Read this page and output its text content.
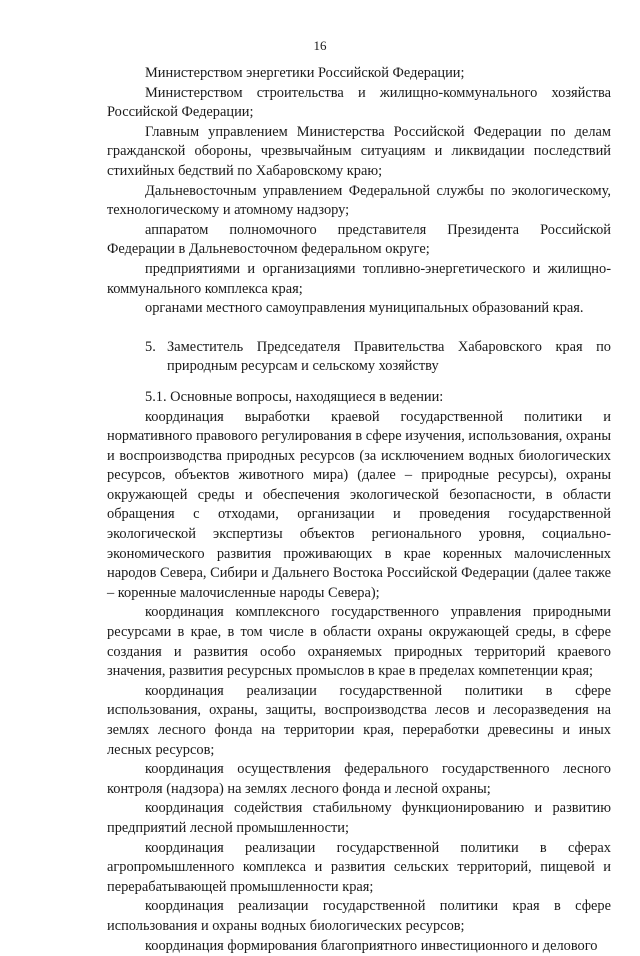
16

Министерством энергетики Российской Федерации;

Министерством строительства и жилищно-коммунального хозяйства Российской Федерации;

Главным управлением Министерства Российской Федерации по делам гражданской обороны, чрезвычайным ситуациям и ликвидации последствий стихийных бедствий по Хабаровскому краю;

Дальневосточным управлением Федеральной службы по экологическому, технологическому и атомному надзору;

аппаратом полномочного представителя Президента Российской Федерации в Дальневосточном федеральном округе;

предприятиями и организациями топливно-энергетического и жилищно-коммунального комплекса края;

органами местного самоуправления муниципальных образований края.

5. Заместитель Председателя Правительства Хабаровского края по
природным ресурсам и сельскому хозяйству

5.1. Основные вопросы, находящиеся в ведении:

координация выработки краевой государственной политики и нормативного правового регулирования в сфере изучения, использования, охраны и воспроизводства природных ресурсов (за исключением водных биологических ресурсов, объектов животного мира) (далее – природные ресурсы), охраны окружающей среды и обеспечения экологической безопасности, в области обращения с отходами, организации и проведения государственной экологической экспертизы объектов регионального уровня, социально-экономического развития проживающих в крае коренных малочисленных народов Севера, Сибири и Дальнего Востока Российской Федерации (далее также – коренные малочисленные народы Севера);

координация комплексного государственного управления природными ресурсами в крае, в том числе в области охраны окружающей среды, в сфере создания и развития особо охраняемых природных территорий краевого значения, развития ресурсных промыслов в крае в пределах компетенции края;

координация реализации государственной политики в сфере использования, охраны, защиты, воспроизводства лесов и лесоразведения на землях лесного фонда на территории края, переработки древесины и иных лесных ресурсов;

координация осуществления федерального государственного лесного контроля (надзора) на землях лесного фонда и лесной охраны;

координация содействия стабильному функционированию и развитию предприятий лесной промышленности;

координация реализации государственной политики в сферах агропромышленного комплекса и развития сельских территорий, пищевой и перерабатывающей промышленности края;

координация реализации государственной политики края в сфере использования и охраны водных биологических ресурсов;

координация формирования благоприятного инвестиционного и делового
